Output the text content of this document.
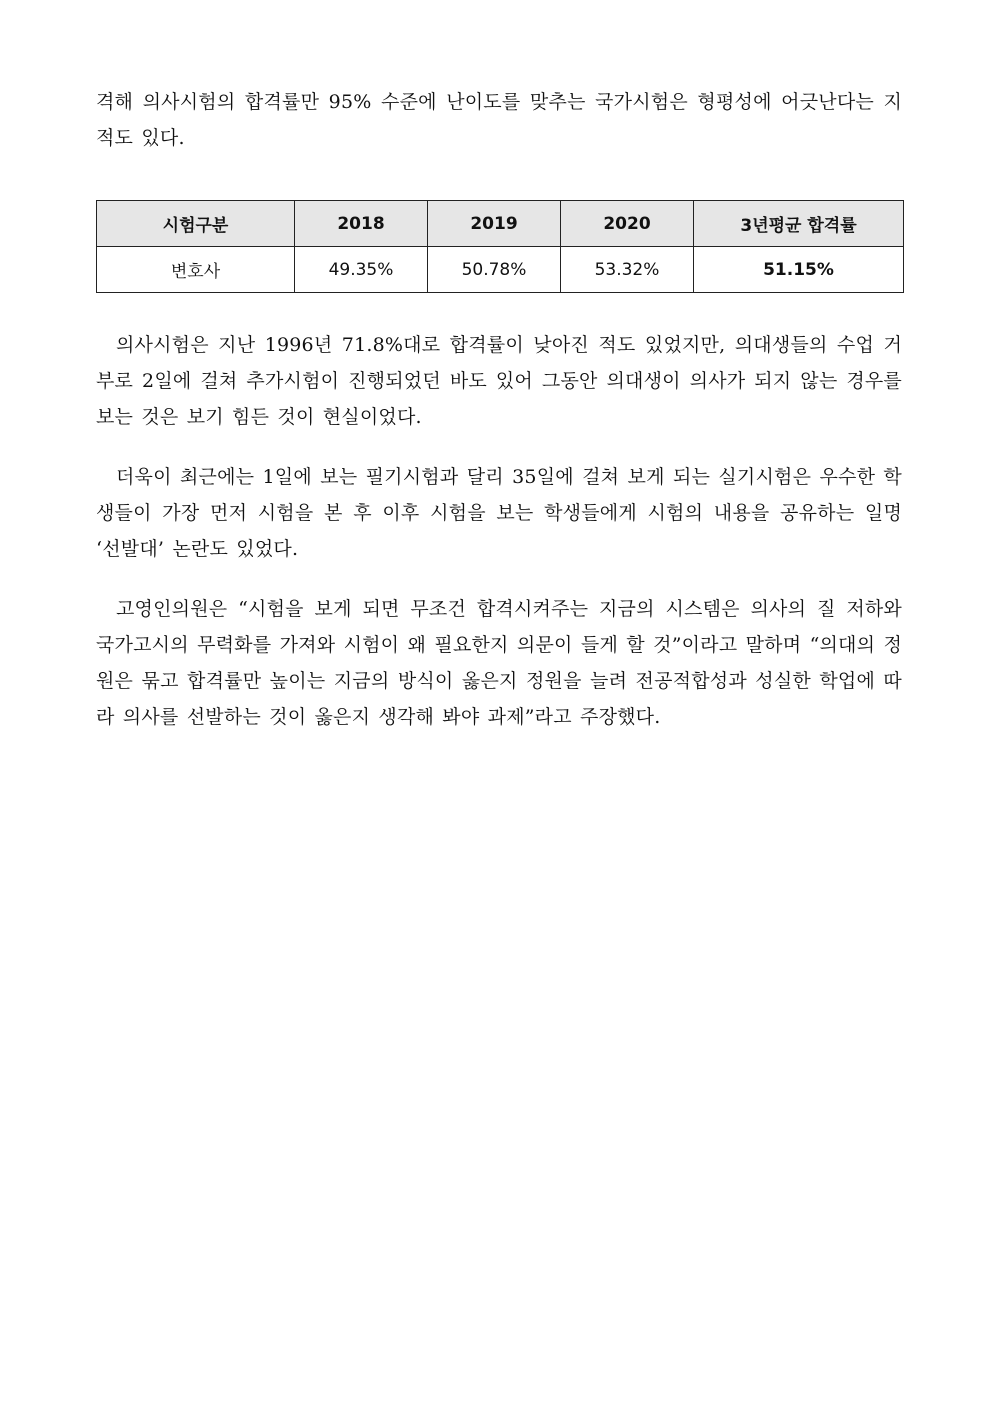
격해 의사시험의 합격률만 95% 수준에 난이도를 맞추는 국가시험은 형평성에 어긋난다는 지적도 있다.

시험구분	2018	2019	2020	3년평균 합격률
변호사	49.35%	50.78%	53.32%	51.15%

의사시험은 지난 1996년 71.8%대로 합격률이 낮아진 적도 있었지만, 의대생들의 수업 거부로 2일에 걸쳐 추가시험이 진행되었던 바도 있어 그동안 의대생이 의사가 되지 않는 경우를 보는 것은 보기 힘든 것이 현실이었다.

더욱이 최근에는 1일에 보는 필기시험과 달리 35일에 걸쳐 보게 되는 실기시험은 우수한 학생들이 가장 먼저 시험을 본 후 이후 시험을 보는 학생들에게 시험의 내용을 공유하는 일명 ‘선발대’ 논란도 있었다.

고영인의원은 “시험을 보게 되면 무조건 합격시켜주는 지금의 시스템은 의사의 질 저하와 국가고시의 무력화를 가져와 시험이 왜 필요한지 의문이 들게 할 것”이라고 말하며 “의대의 정원은 묶고 합격률만 높이는 지금의 방식이 옳은지 정원을 늘려 전공적합성과 성실한 학업에 따라 의사를 선발하는 것이 옳은지 생각해 봐야 과제”라고 주장했다.
